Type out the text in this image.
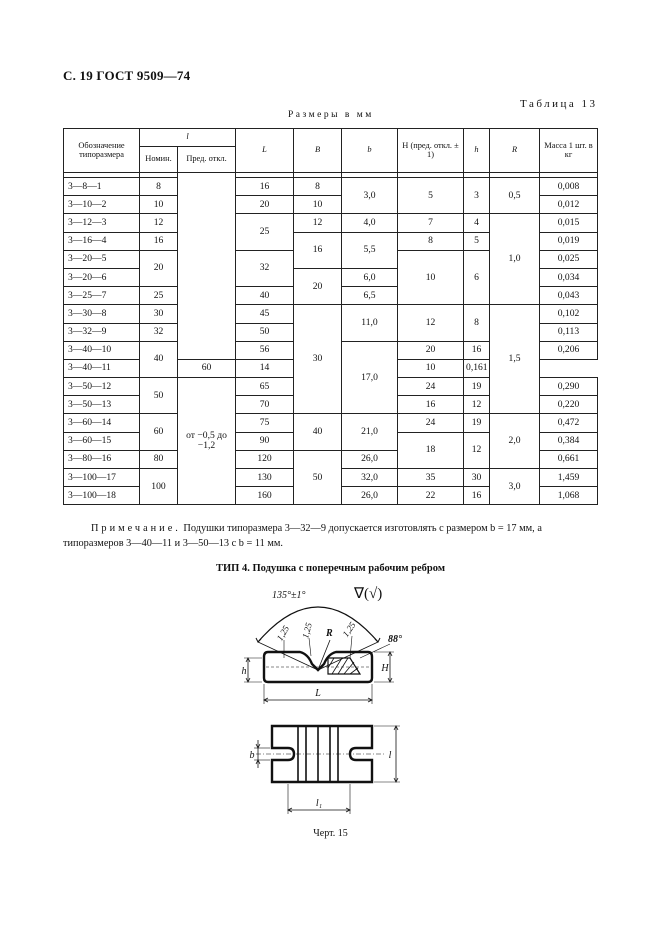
С. 19 ГОСТ 9509—74
Таблица 13
Размеры в мм
Обозначение типоразмера	l		L	B	b	H (пред. откл. ± 1)	h	R	Масса 1 шт. в кг
	Номин.	Пред. откл.							

3—8—1	8		16	8	3,0	5	3	0,5	0,008
3—10—2	10		20	10					0,012
3—12—3	12		25	12	4,0	7	4	1,0	0,015
3—16—4	16			16	5,5	8	5		0,019
3—20—5	20		32			10	6		0,025
3—20—6				20	6,0				0,034
3—25—7	25		40		6,5				0,043
3—30—8	30		45	30	11,0	12	8	1,5	0,102
3—32—9	32		50						0,113
3—40—10	40		56		17,0	20	16		0,206
3—40—11		60	14			10	0,161		
3—50—12	50	от −0,5 до −1,2	65			24	19		0,290
3—50—13			70			16	12		0,220
3—60—14	60		75	40	21,0	24	19	2,0	0,472
3—60—15			90			18	12		0,384
3—80—16	80		120	50	26,0				0,661
3—100—17	100		130		32,0	35	30	3,0	1,459
3—100—18			160		26,0	22	16		1,068
Примечание. Подушки типоразмера 3—32—9 допускается изготовлять с размером b = 17 мм, а типоразмеров 3—40—11 и 3—50—13 с b = 11 мм.
ТИП 4. Подушка с поперечным рабочим ребром
135°±1°	∇(√)
1,25 1,25	1,25
R
88°
h	H
L
b	l
l₁
Черт. 15
